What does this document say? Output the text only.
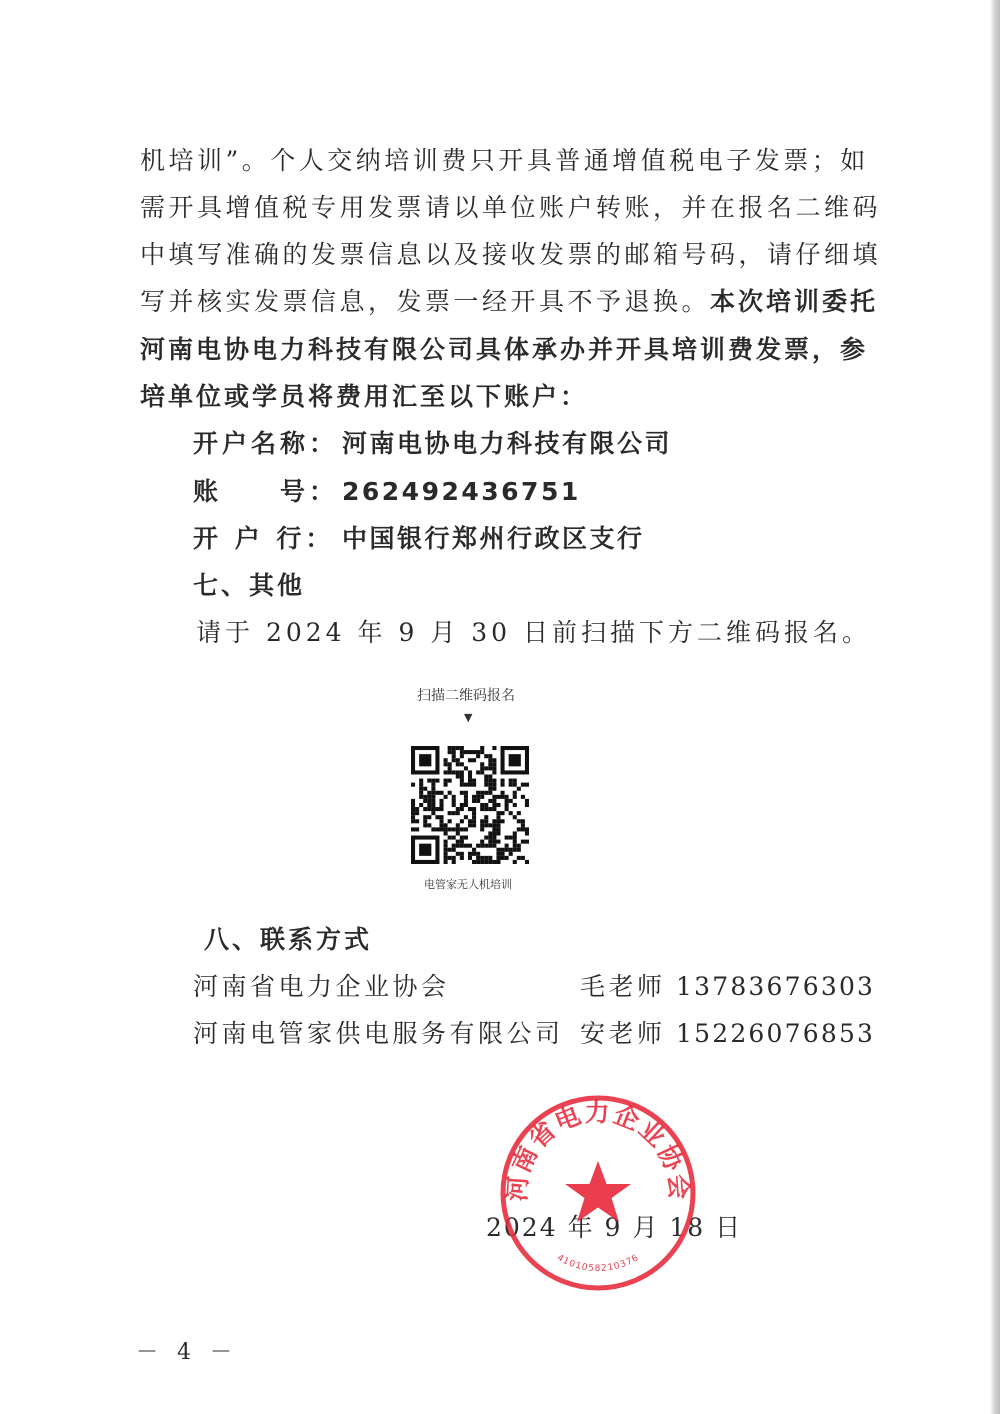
机培训”。个人交纳培训费只开具普通增值税电子发票；如
需开具增值税专用发票请以单位账户转账，并在报名二维码
中填写准确的发票信息以及接收发票的邮箱号码，请仔细填
写并核实发票信息，发票一经开具不予退换。本次培训委托
河南电协电力科技有限公司具体承办并开具培训费发票，参
培单位或学员将费用汇至以下账户：
开户名称： 河南电协电力科技有限公司
账　　号： 262492436751
开 户 行： 中国银行郑州行政区支行
七、其他
请于 2024 年 9 月 30 日前扫描下方二维码报名。
扫描二维码报名
▼
电管家无人机培训
八、联系方式
河南省电力企业协会	毛老师 13783676303
河南电管家供电服务有限公司 安老师 15226076853
2024 年 9 月 18 日
河南省电力企业协会
4101058210376
－ 4 －
